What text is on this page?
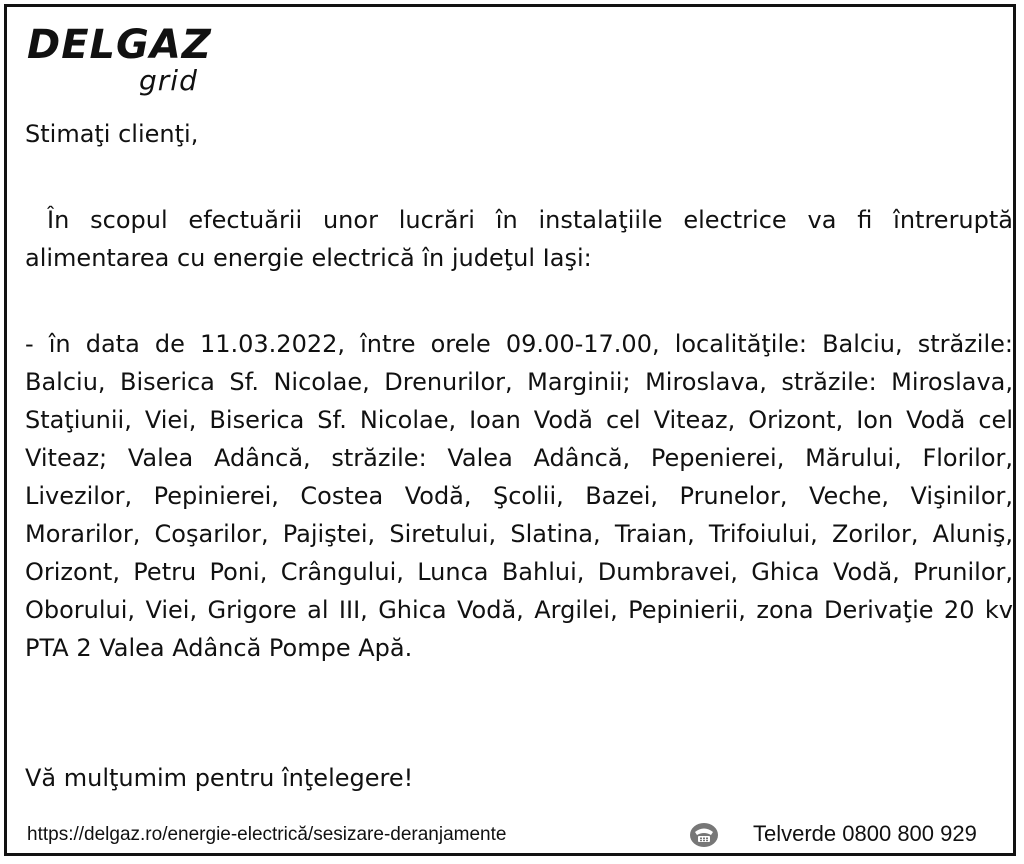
DELGAZ
grid

Stimaţi clienţi,

În scopul efectuării unor lucrări în instalaţiile electrice va fi întreruptă alimentarea cu energie electrică în judeţul Iaşi:

- în data de 11.03.2022, între orele 09.00-17.00, localităţile: Balciu, străzile: Balciu, Biserica Sf. Nicolae, Drenurilor, Marginii; Miroslava, străzile: Miroslava, Staţiunii, Viei, Biserica Sf. Nicolae, Ioan Vodă cel Viteaz, Orizont, Ion Vodă cel Viteaz; Valea Adâncă, străzile: Valea Adâncă, Pepenierei, Mărului, Florilor, Livezilor, Pepinierei, Costea Vodă, Şcolii, Bazei, Prunelor, Veche, Vişinilor, Morarilor, Coşarilor, Pajiştei, Siretului, Slatina, Traian, Trifoiului, Zorilor, Aluniş, Orizont, Petru Poni, Crângului, Lunca Bahlui, Dumbravei, Ghica Vodă, Prunilor, Oborului, Viei, Grigore al III, Ghica Vodă, Argilei, Pepinierii, zona Derivaţie 20 kv PTA 2 Valea Adâncă Pompe Apă.

Vă mulţumim pentru înţelegere!
https://delgaz.ro/energie-electrică/sesizare-deranjamente	Telverde 0800 800 929
